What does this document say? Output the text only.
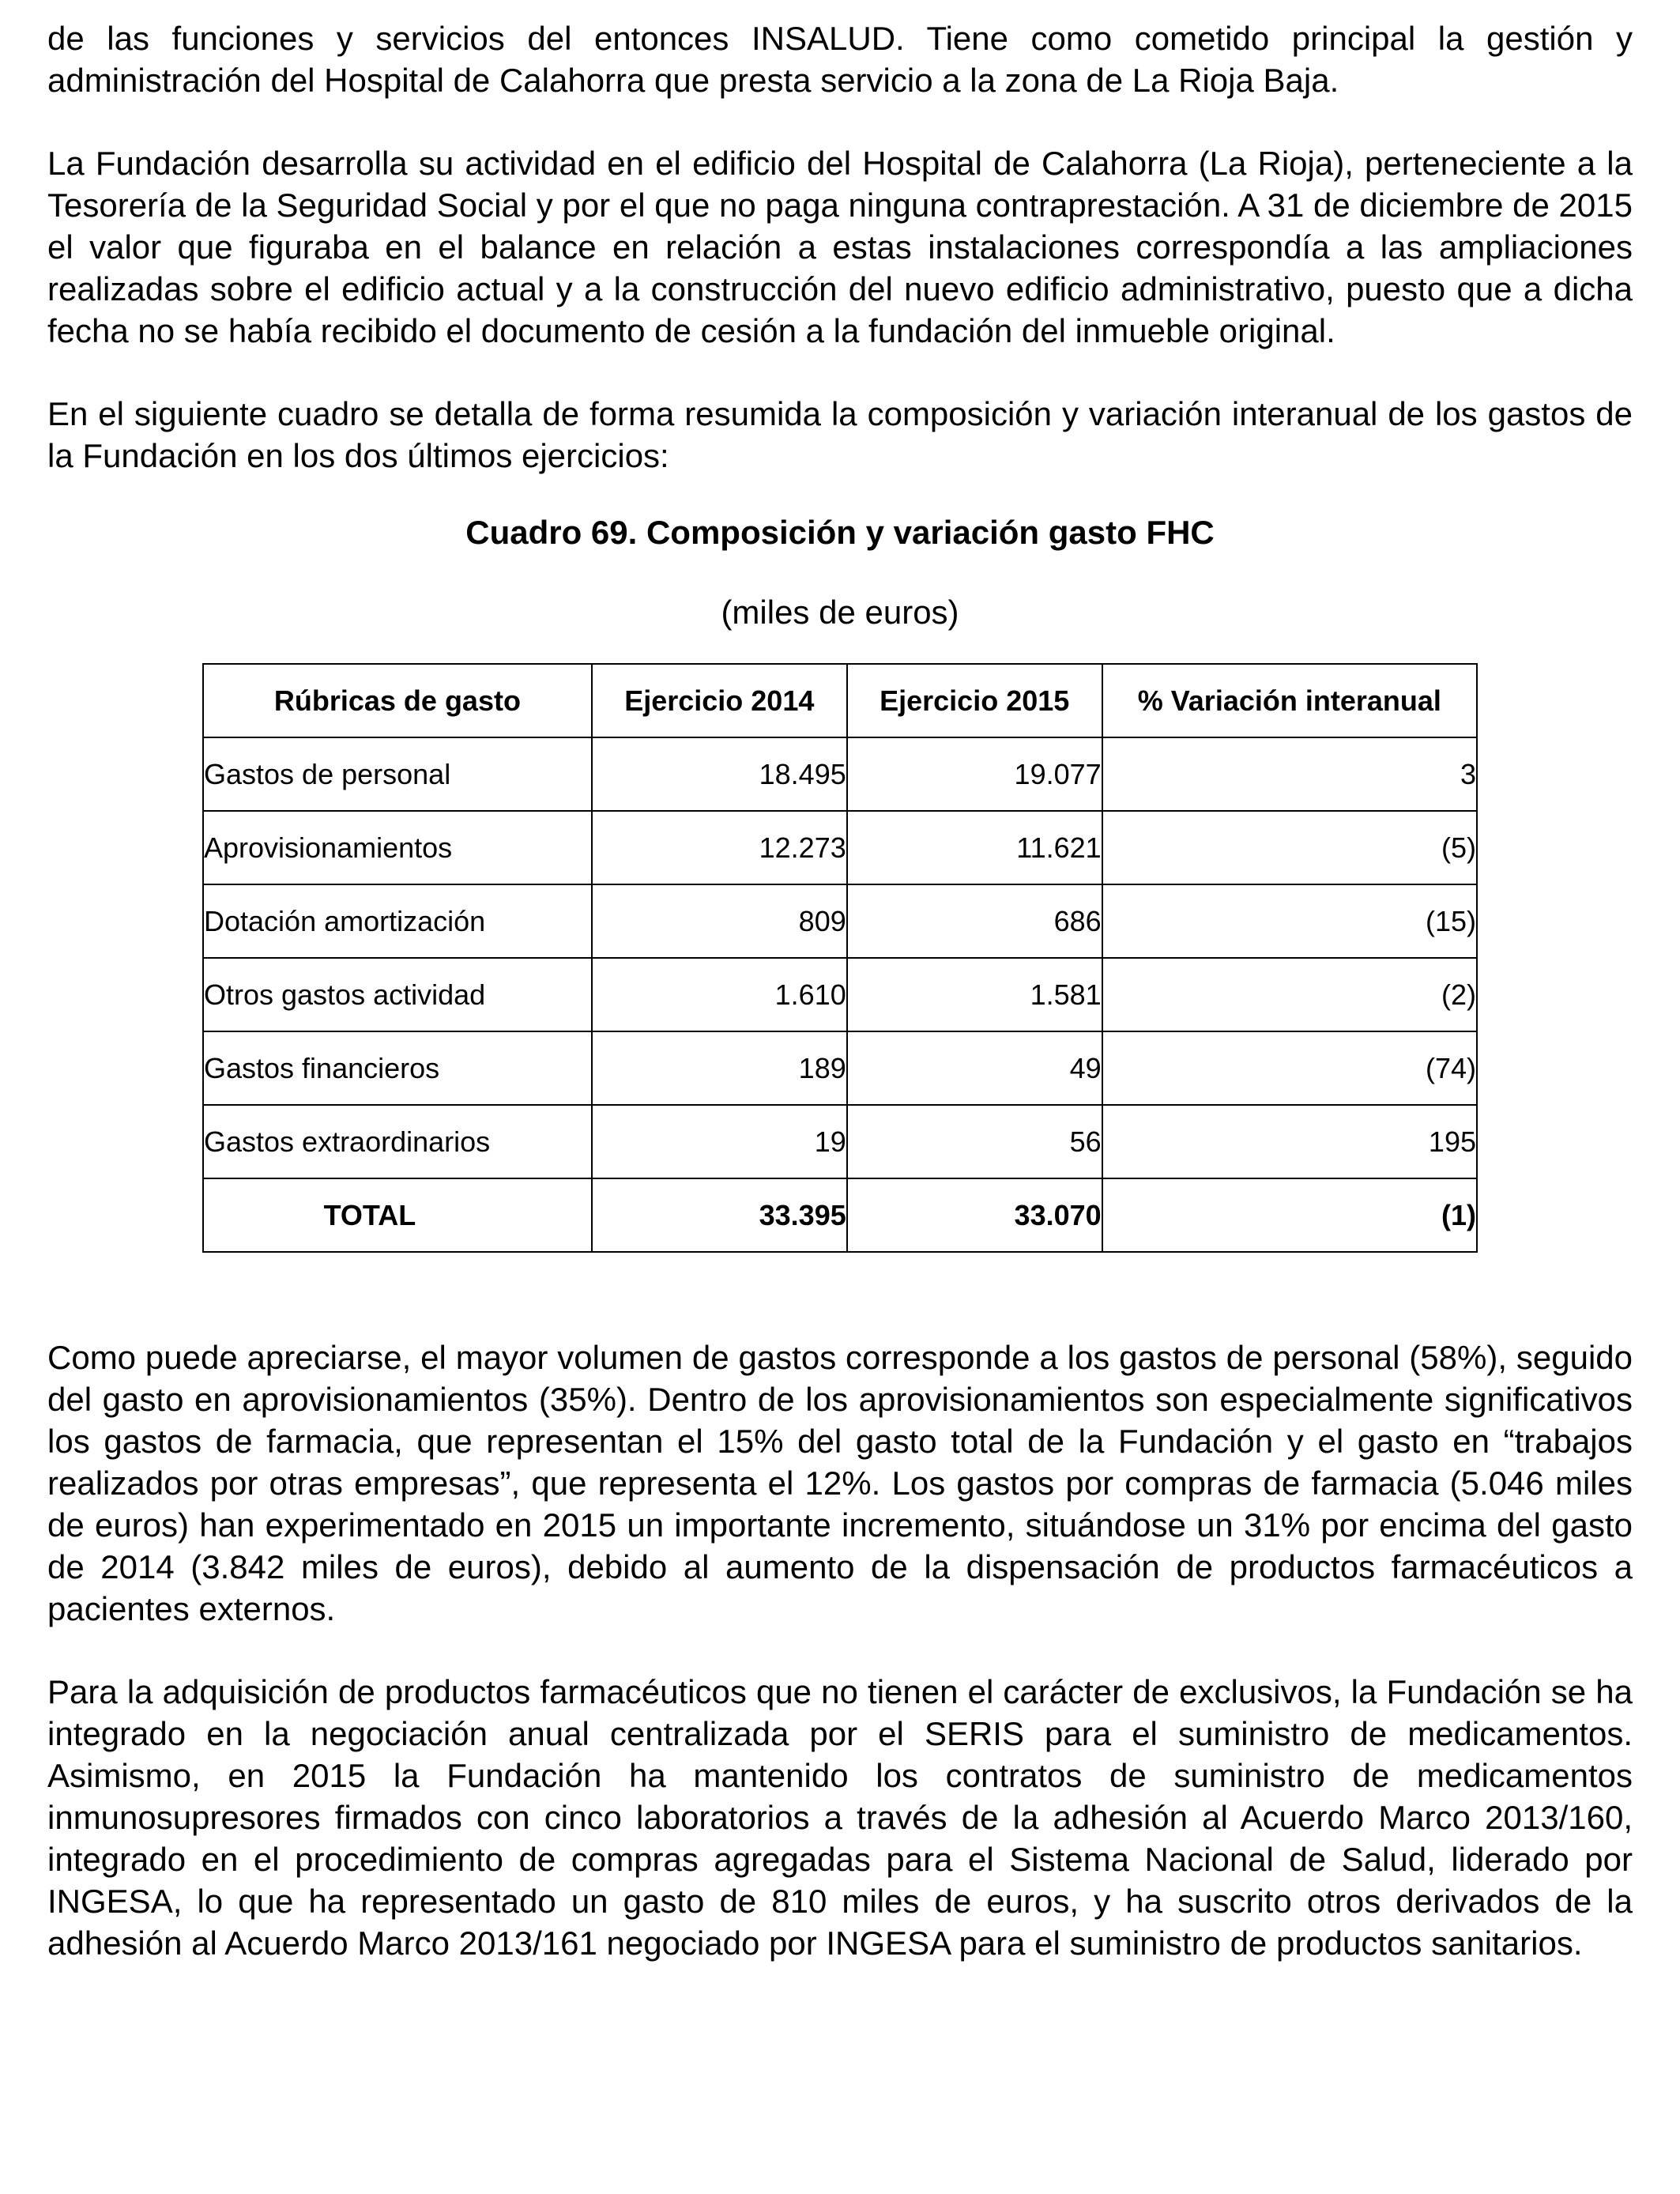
de las funciones y servicios del entonces INSALUD. Tiene como cometido principal la gestión y administración del Hospital de Calahorra que presta servicio a la zona de La Rioja Baja.

La Fundación desarrolla su actividad en el edificio del Hospital de Calahorra (La Rioja), perteneciente a la Tesorería de la Seguridad Social y por el que no paga ninguna contraprestación. A 31 de diciembre de 2015 el valor que figuraba en el balance en relación a estas instalaciones correspondía a las ampliaciones realizadas sobre el edificio actual y a la construcción del nuevo edificio administrativo, puesto que a dicha fecha no se había recibido el documento de cesión a la fundación del inmueble original.

En el siguiente cuadro se detalla de forma resumida la composición y variación interanual de los gastos de la Fundación en los dos últimos ejercicios:

Cuadro 69. Composición y variación gasto FHC

(miles de euros)

Rúbricas de gasto	Ejercicio 2014	Ejercicio 2015	% Variación interanual
Gastos de personal	18.495	19.077	3
Aprovisionamientos	12.273	11.621	(5)
Dotación amortización	809	686	(15)
Otros gastos actividad	1.610	1.581	(2)
Gastos financieros	189	49	(74)
Gastos extraordinarios	19	56	195
TOTAL	33.395	33.070	(1)

Como puede apreciarse, el mayor volumen de gastos corresponde a los gastos de personal (58%), seguido del gasto en aprovisionamientos (35%). Dentro de los aprovisionamientos son especialmente significativos los gastos de farmacia, que representan el 15% del gasto total de la Fundación y el gasto en “trabajos realizados por otras empresas”, que representa el 12%. Los gastos por compras de farmacia (5.046 miles de euros) han experimentado en 2015 un importante incremento, situándose un 31% por encima del gasto de 2014 (3.842 miles de euros), debido al aumento de la dispensación de productos farmacéuticos a pacientes externos.

Para la adquisición de productos farmacéuticos que no tienen el carácter de exclusivos, la Fundación se ha integrado en la negociación anual centralizada por el SERIS para el suministro de medicamentos. Asimismo, en 2015 la Fundación ha mantenido los contratos de suministro de medicamentos inmunosupresores firmados con cinco laboratorios a través de la adhesión al Acuerdo Marco 2013/160, integrado en el procedimiento de compras agregadas para el Sistema Nacional de Salud, liderado por INGESA, lo que ha representado un gasto de 810 miles de euros, y ha suscrito otros derivados de la adhesión al Acuerdo Marco 2013/161 negociado por INGESA para el suministro de productos sanitarios.
